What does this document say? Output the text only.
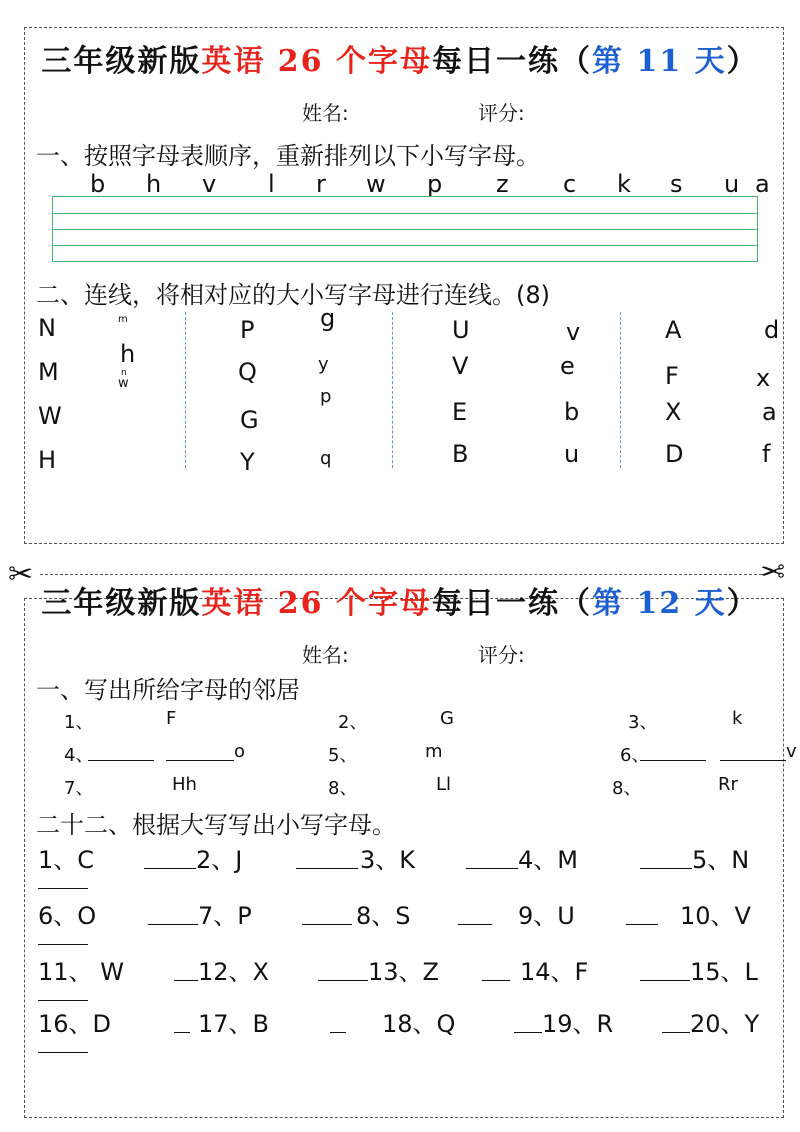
三年级新版英语 26 个字母每日一练（第 11 天）
姓名:	评分:
一、按照字母表顺序，重新排列以下小写字母。
b h v l r w p z c k s u a
二、连线，将相对应的大小写字母进行连线。(8)
N
M
W
H
m
h
n
w
P
Q
G
Y
g
y
p
q
U
V
E
B
v
e
b
u
A
F
X
D
d
x
a
f
✂	✂
三年级新版英语 26 个字母每日一练（第 12 天）
姓名:	评分:
一、写出所给字母的邻居
1、	F	2、	G	3、	k
4、	o	5、	m	6、	v
7、	Hh	8、	Ll	8、	Rr
二十二、根据大写写出小写字母。
1、C	2、J	3、K	4、M	5、N
6、O	7、P	8、S	9、U	10、V
11、 W	12、X	13、Z	14、F	15、L
16、D	17、B	18、Q	19、R	20、Y
